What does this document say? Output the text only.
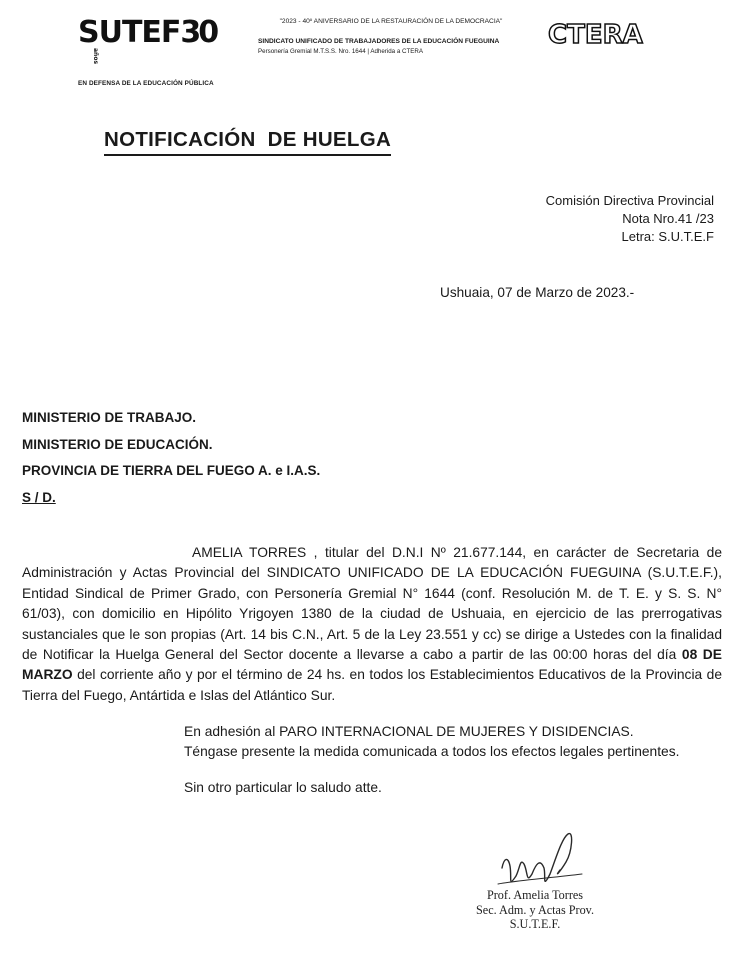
SUTEF30años
EN DEFENSA DE LA EDUCACIÓN PÚBLICA
"2023 - 40º ANIVERSARIO DE LA RESTAURACIÓN DE LA DEMOCRACIA"
SINDICATO UNIFICADO DE TRABAJADORES DE LA EDUCACIÓN FUEGUINA
Personería Gremial M.T.S.S. Nro. 1644 | Adherida a CTERA
CTERA
NOTIFICACIÓN  DE HUELGA
Comisión Directiva Provincial
Nota Nro.41 /23
Letra: S.U.T.E.F
Ushuaia, 07 de Marzo de 2023.-
MINISTERIO DE TRABAJO.
MINISTERIO DE EDUCACIÓN.
PROVINCIA DE TIERRA DEL FUEGO A. e I.A.S.
S / D.
AMELIA TORRES , titular del D.N.I Nº 21.677.144, en carácter de Secretaria de Administración y Actas Provincial del SINDICATO UNIFICADO DE LA EDUCACIÓN FUEGUINA (S.U.T.E.F.), Entidad Sindical de Primer Grado, con Personería Gremial N° 1644 (conf. Resolución M. de T. E. y S. S. N° 61/03), con domicilio en Hipólito Yrigoyen 1380 de la ciudad de Ushuaia, en ejercicio de las prerrogativas sustanciales que le son propias (Art. 14 bis C.N., Art. 5 de la Ley 23.551 y cc) se dirige a Ustedes con la finalidad de Notificar la Huelga General del Sector docente a llevarse a cabo a partir de las 00:00 horas del día 08 DE MARZO del corriente año y por el término de 24 hs. en todos los Establecimientos Educativos de la Provincia de Tierra del Fuego, Antártida e Islas del Atlántico Sur.
En adhesión al PARO INTERNACIONAL DE MUJERES Y DISIDENCIAS.
Téngase presente la medida comunicada a todos los efectos legales pertinentes.
Sin otro particular lo saludo atte.
Prof. Amelia Torres
Sec. Adm. y Actas Prov.
S.U.T.E.F.
